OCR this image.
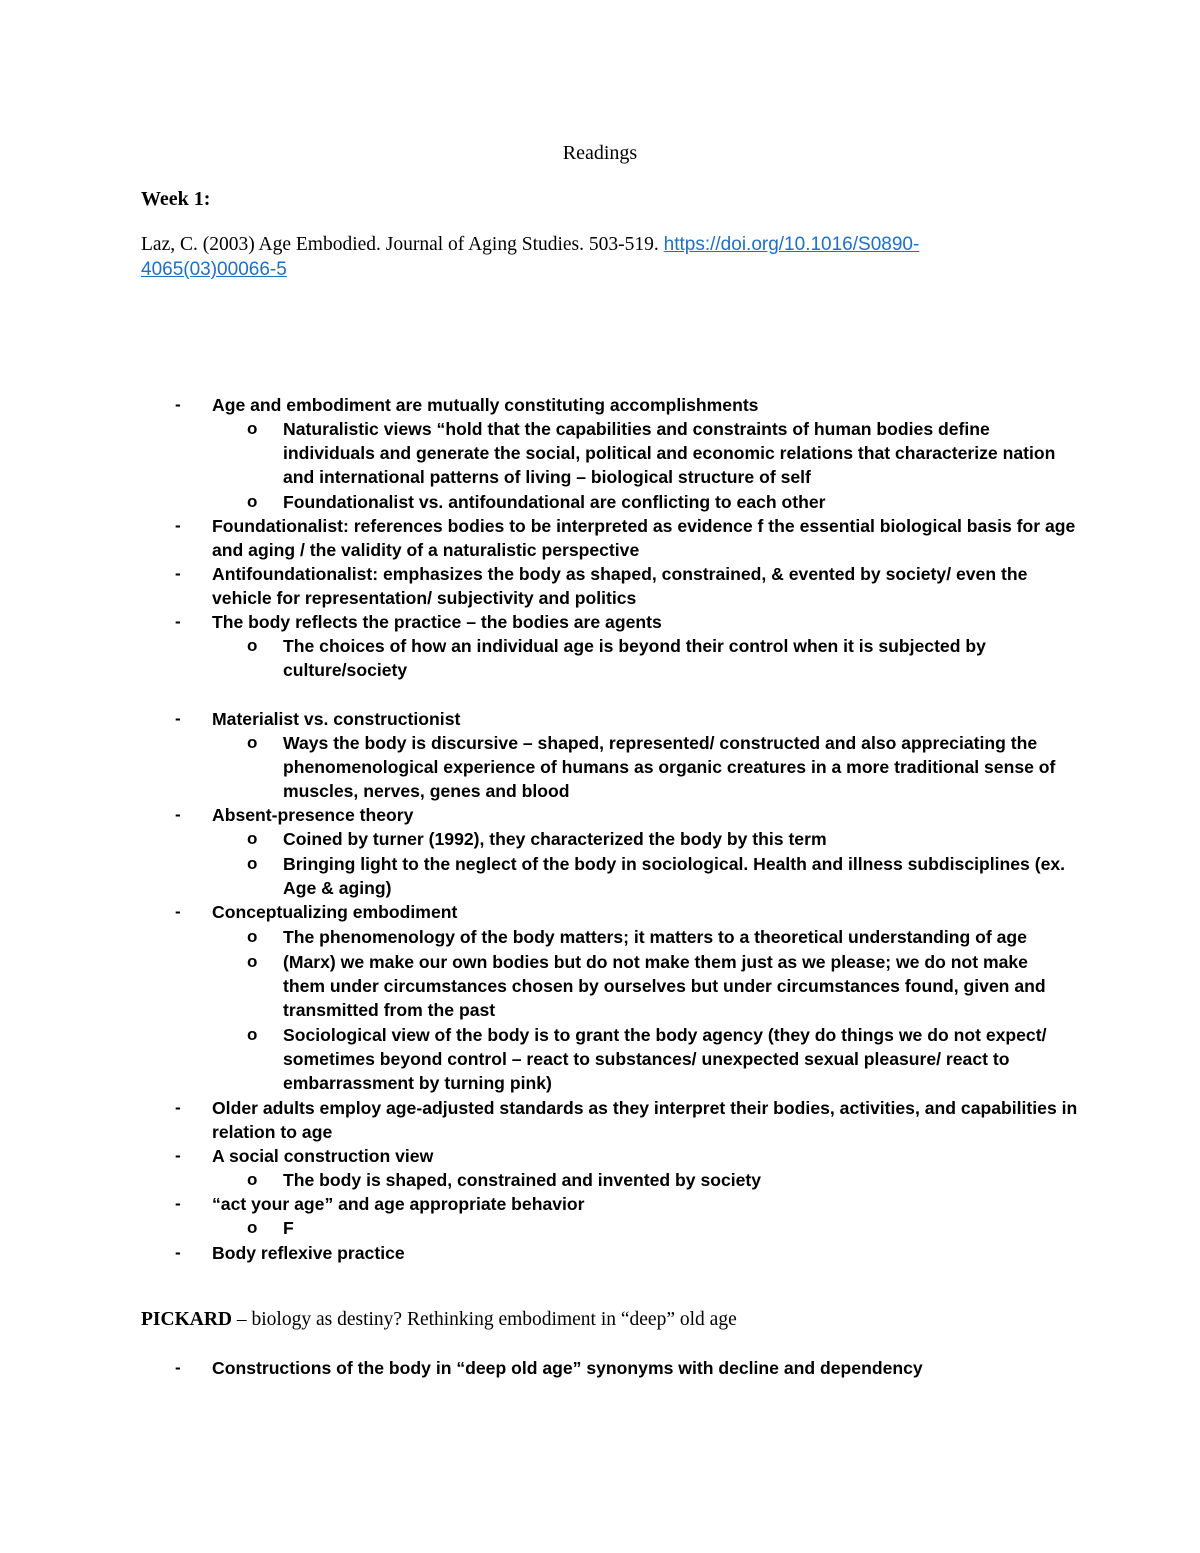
Readings
Week 1:
Laz, C. (2003) Age Embodied. Journal of Aging Studies. 503-519. https://doi.org/10.1016/S0890-4065(03)00066-5
- Age and embodiment are mutually constituting accomplishments
o Naturalistic views “hold that the capabilities and constraints of human bodies define individuals and generate the social, political and economic relations that characterize nation and international patterns of living – biological structure of self
o Foundationalist vs. antifoundational are conflicting to each other
- Foundationalist: references bodies to be interpreted as evidence f the essential biological basis for age and aging / the validity of a naturalistic perspective
- Antifoundationalist: emphasizes the body as shaped, constrained, & evented by society/ even the vehicle for representation/ subjectivity and politics
- The body reflects the practice – the bodies are agents
o The choices of how an individual age is beyond their control when it is subjected by culture/society
- Materialist vs. constructionist
o Ways the body is discursive – shaped, represented/ constructed and also appreciating the phenomenological experience of humans as organic creatures in a more traditional sense of muscles, nerves, genes and blood
- Absent-presence theory
o Coined by turner (1992), they characterized the body by this term
o Bringing light to the neglect of the body in sociological. Health and illness subdisciplines (ex. Age & aging)
- Conceptualizing embodiment
o The phenomenology of the body matters; it matters to a theoretical understanding of age
o (Marx) we make our own bodies but do not make them just as we please; we do not make them under circumstances chosen by ourselves but under circumstances found, given and transmitted from the past
o Sociological view of the body is to grant the body agency (they do things we do not expect/ sometimes beyond control – react to substances/ unexpected sexual pleasure/ react to embarrassment by turning pink)
- Older adults employ age-adjusted standards as they interpret their bodies, activities, and capabilities in relation to age
- A social construction view
o The body is shaped, constrained and invented by society
- “act your age” and age appropriate behavior
o F
- Body reflexive practice
PICKARD – biology as destiny? Rethinking embodiment in “deep” old age
- Constructions of the body in “deep old age” synonyms with decline and dependency
